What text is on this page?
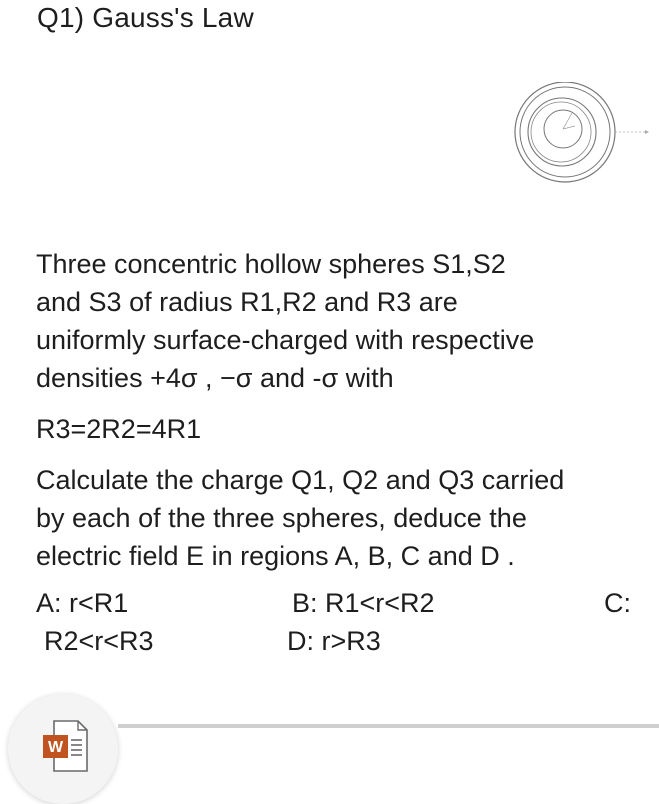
Q1) Gauss's Law
Three concentric hollow spheres S1,S2
and S3 of radius R1,R2 and R3 are
uniformly surface-charged with respective
densities +4σ , −σ and -σ with
R3=2R2=4R1
Calculate the charge Q1, Q2 and Q3 carried
by each of the three spheres, deduce the
electric field E in regions A, B, C and D .
A: r<R1	B: R1<r<R2	C:
R2<r<R3	D: r>R3
W
